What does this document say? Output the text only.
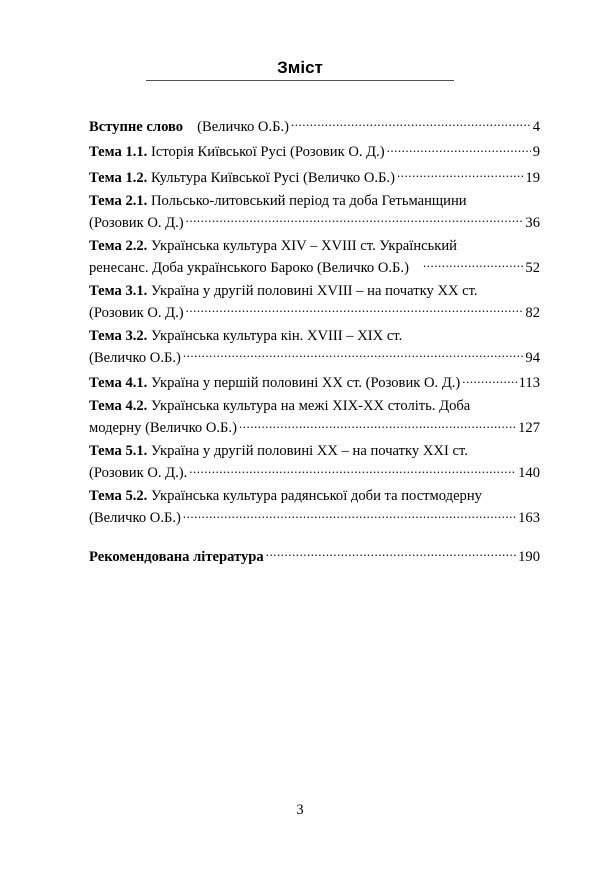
Зміст
Вступне слово (Величко О.Б.) .....	4
Тема 1.1.
Історія Київської Русі (Розовик О. Д.) .....	9
Тема 1.2.
Культура Київської Русі (Величко О.Б.) .....	19
Тема 2.1. Польсько-литовський період та доба Гетьманщини
(Розовик О. Д.) .....	36
Тема 2.2. Українська культура XIV – XVIII ст. Український
ренесанс. Доба українського Бароко (Величко О.Б.) .....	52
Тема 3.1. Україна у другій половині XVIII – на початку XX ст.
(Розовик О. Д.) .....	82
Тема 3.2. Українська культура кін. XVIII – XIX ст.
(Величко О.Б.) .....	94
Тема 4.1.
Україна у першій половині XX ст. (Розовик О. Д.) .....	113
Тема 4.2. Українська культура на межі ХІХ-ХХ століть. Доба
модерну (Величко О.Б.) .....	127
Тема 5.1. Україна у другій половині XX – на початку XXI ст.
(Розовик О. Д.). .....	140
Тема 5.2. Українська культура радянської доби та постмодерну
(Величко О.Б.) .....	163
Рекомендована література .....	190
3
